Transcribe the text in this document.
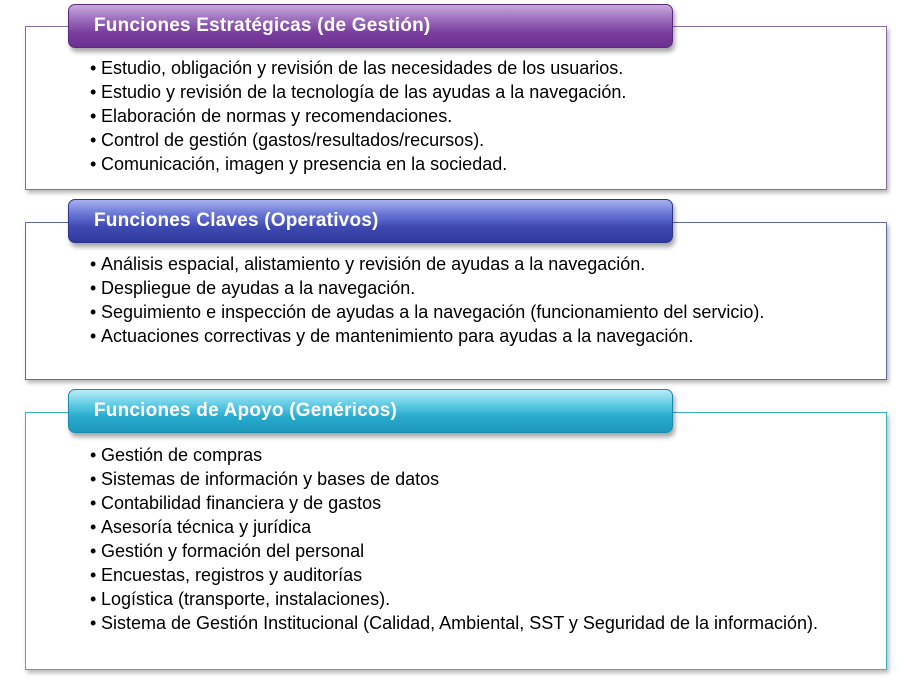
Funciones Estratégicas (de Gestión)
• Estudio, obligación y revisión de las necesidades de los usuarios.
• Estudio y revisión de la tecnología de las ayudas a la navegación.
• Elaboración de normas y recomendaciones.
• Control de gestión (gastos/resultados/recursos).
• Comunicación, imagen y presencia en la sociedad.
Funciones Claves (Operativos)
• Análisis espacial, alistamiento y revisión de ayudas a la navegación.
• Despliegue de ayudas a la navegación.
• Seguimiento e inspección de ayudas a la navegación (funcionamiento del servicio).
• Actuaciones correctivas y de mantenimiento para ayudas a la navegación.
Funciones de Apoyo (Genéricos)
• Gestión de compras
• Sistemas de información y bases de datos
• Contabilidad financiera y de gastos
• Asesoría técnica y jurídica
• Gestión y formación del personal
• Encuestas, registros y auditorías
• Logística (transporte, instalaciones).
• Sistema de Gestión Institucional (Calidad, Ambiental, SST y Seguridad de la información).
